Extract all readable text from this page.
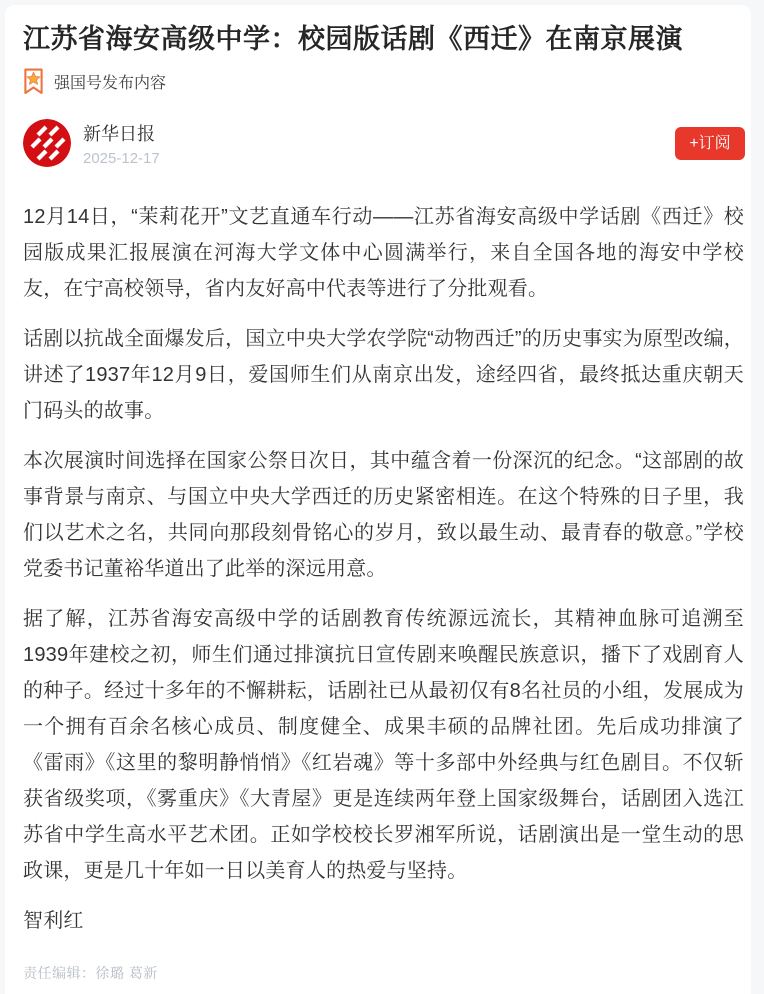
江苏省海安高级中学：校园版话剧《西迁》在南京展演
强国号发布内容
新华日报
2025-12-17
+订阅

12月14日，“茉莉花开”文艺直通车行动——江苏省海安高级中学话剧《西迁》校园版成果汇报展演在河海大学文体中心圆满举行，来自全国各地的海安中学校友，在宁高校领导，省内友好高中代表等进行了分批观看。

话剧以抗战全面爆发后，国立中央大学农学院“动物西迁”的历史事实为原型改编，讲述了1937年12月9日，爱国师生们从南京出发，途经四省，最终抵达重庆朝天门码头的故事。

本次展演时间选择在国家公祭日次日，其中蕴含着一份深沉的纪念。“这部剧的故事背景与南京、与国立中央大学西迁的历史紧密相连。在这个特殊的日子里，我们以艺术之名，共同向那段刻骨铭心的岁月，致以最生动、最青春的敬意。”学校党委书记董裕华道出了此举的深远用意。

据了解，江苏省海安高级中学的话剧教育传统源远流长，其精神血脉可追溯至1939年建校之初，师生们通过排演抗日宣传剧来唤醒民族意识，播下了戏剧育人的种子。经过十多年的不懈耕耘，话剧社已从最初仅有8名社员的小组，发展成为一个拥有百余名核心成员、制度健全、成果丰硕的品牌社团。先后成功排演了《雷雨》《这里的黎明静悄悄》《红岩魂》等十多部中外经典与红色剧目。不仅斩获省级奖项，《雾重庆》《大青屋》更是连续两年登上国家级舞台，话剧团入选江苏省中学生高水平艺术团。正如学校校长罗湘军所说，话剧演出是一堂生动的思政课，更是几十年如一日以美育人的热爱与坚持。

智利红

责任编辑：徐璐 葛新
